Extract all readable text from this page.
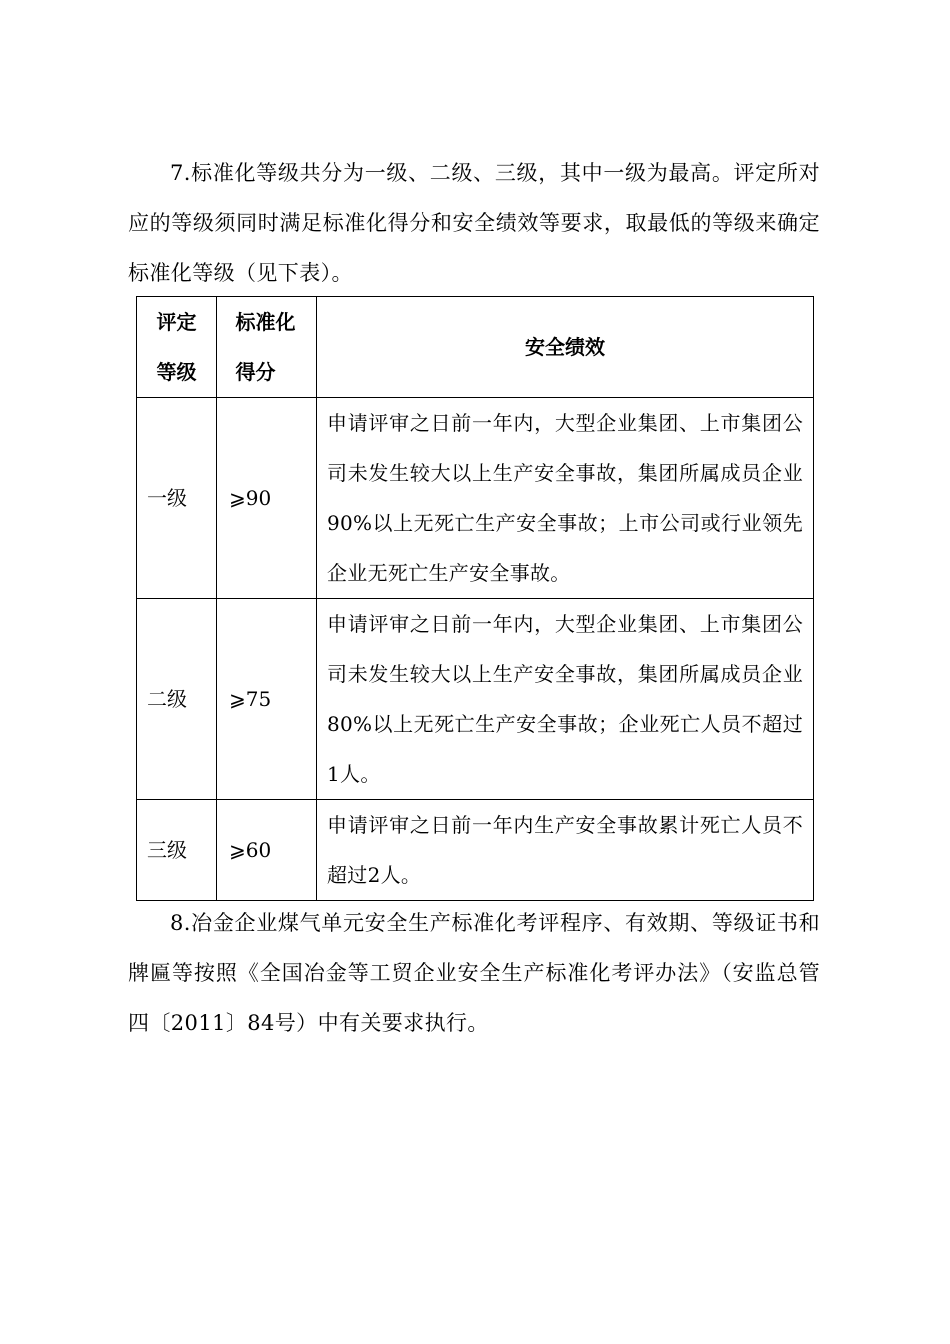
7.标准化等级共分为一级、二级、三级，其中一级为最高。评定所对应的等级须同时满足标准化得分和安全绩效等要求，取最低的等级来确定标准化等级（见下表）。

评定等级	标准化得分	安全绩效
一级	⩾90	申请评审之日前一年内，大型企业集团、上市集团公司未发生较大以上生产安全事故，集团所属成员企业90%以上无死亡生产安全事故；上市公司或行业领先企业无死亡生产安全事故。
二级	⩾75	申请评审之日前一年内，大型企业集团、上市集团公司未发生较大以上生产安全事故，集团所属成员企业80%以上无死亡生产安全事故；企业死亡人员不超过1人。
三级	⩾60	申请评审之日前一年内生产安全事故累计死亡人员不超过2人。

8.冶金企业煤气单元安全生产标准化考评程序、有效期、等级证书和牌匾等按照《全国冶金等工贸企业安全生产标准化考评办法》（安监总管四〔2011〕84号）中有关要求执行。
